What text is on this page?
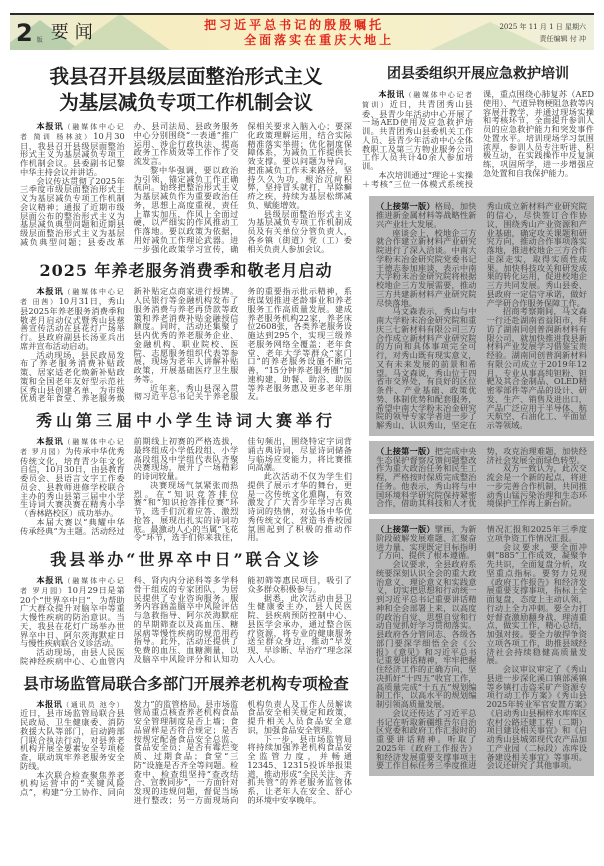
2 版 要闻	把习近平总书记的殷殷嘱托
全面落实在重庆大地上
2025 年 11 月 1 日 星期六
责任编辑 付 冲
我县召开县级层面整治形式主义
为基层减负专项工作机制会议

本报讯（融媒体中心记者 简训 杨林波）10月30日，我县召开县级层面整治形式主义为基层减负专项工作机制会议。县委副书记黎中华主持会议并讲话。

会议传达贯彻了2025年三季度市级层面整治形式主义为基层减负专项工作机制会议精神；通报了近期市级层面公布的整治形式主义为基层减负典型问题和近期县级层面整治形式主义为基层减负典型问题；县委改革办、县司法局、县政务服务中心分别围绕“一表通”推广运用、涉企行政执法、提高政务工作质效等工作作了交流发言。

黎中华强调，要以政治为引领，锚定减负工作正确航向。始终把整治形式主义为基层减负作为重要政治任务，思想上高度重视，责任上靠实加压，作风上全面过硬，以严细实的作风推动工作落地。要以政策为依据，用好减负工作理论武器。进一步强化政策学习宣传，确保相关要求入脑入心；要深化政策理解运用，结合实际精准落实举措；优化制度保障体系，为减负工作提供长效支撑。要以问题为导向，把准减负工作未来路径，坚持久久为功，根治沉疴积弊，坚持冒头就打，早除癣疥之疾，持续为基层松绑减负、赋能增效。

县级层面整治形式主义为基层减负专项工作机制成员及有关单位分管负责人，各乡镇（街道）党（工）委相关负责人参加会议。

2025 年养老服务消费季和敬老月启动

本报讯（融媒体中心记者 田茜）10月31日，秀山县2025年养老服务消费季和敬老月启动仪式暨秀山县慈善宣传活动在县花灯广场举行。县政府副县长汤亚兵出席并宣布活动启动。

活动现场，县民政局发布了养老服务消费补贴政策、居家适老化焕新补贴政策和全国老年友好型示范社区秀山县创建名单，为市级优质老年食堂、养老服务焕新补贴定点商家进行授牌。人民银行等金融机构发布了服务消费与养老再贷款等政策和养老消费补贴金融授信额度。同时，活动还集聚了县内优秀的养老服务企业、金融机构、职业院校、医院、志愿服务组织代表等参展，现场为老年人讲解补贴政策，开展基础医疗卫生服务等。

近年来，秀山县深入贯彻习近平总书记关于养老服务的重要指示批示精神，系统谋划推进老龄事业和养老服务工作高质量发展。建成养老服务机构22家，养老床位2608张，各类养老服务设施达到295个，实现三级养老服务网络全覆盖；老年食堂、老年大学等群众“家门口”的养老服务设施不断完善，“15分钟养老服务圈”加速构建，助餐、助浴、助医等养老服务惠及更多老年朋友。

秀山第三届中小学生诗词大赛举行

本报讯（融媒体中心记者 罗月园）为传承中华优秀传统文化，培育青少年文化自信，10月30日，由县教育委员会、县语言文字工作委员会、县教师进修学校联合主办的秀山县第三届中小学生诗词大赛决赛在精秀小学（香林路校区）成功举办。

本届大赛以“典耀中华 传承经典”为主题。活动经过前期线上初赛的严格选拔，最终组成小学低段组、小学高段组及中学组代表队齐聚决赛现场，展开了一场精彩的诗词较量。

决赛现场气氛紧张而热烈。在“知识竞答排位赛”和“知识抢答排位赛”环节，选手们沉着应答、激烈抢答，展现出扎实的诗词功底。最激动人心的当属“飞花令”环节，选手们你来我往，佳句频出，围绕特定字词背诵古典诗词，尽显诗词储备与临场应变能力，将比赛推向高潮。

此次活动不仅为学生们提供了展示才华的舞台，更是一次传统文化熏陶，有效激发了广大青少年学习古典诗词的热情，对弘扬中华优秀传统文化、营造书香校园氛围起到了积极的推动作用。

我县举办“世界卒中日”联合义诊

本报讯（融媒体中心记者 罗月园）10月29日是第20个“世界卒中日”，为帮助广大群众提升对脑卒中等重大慢性疾病的防治意识。当天，我县在花灯广场举办世界卒中日、阿尔茨海默症日与慢性疾病联合义诊活动。

活动现场，由县人民医院神经疾病中心、心血管内科、肾内内分泌科等多学科骨干组成的专家团队，为居民提供了专业咨询服务。服务内容涵盖脑卒中风险评估与急救指导、阿尔茨海默症的早期筛查以及高血压、糖尿病等慢性疾病的规范用药指导。此外，活动还提供了免费的血压、血糖测量，以及脑卒中风险评分和认知功能初筛等惠民项目，吸引了众多群众积极参与。

据悉，此次活动由县卫生健康委主办，县人民医院、县疾病预防控制中心、县医学会承办，通过整合医疗资源，将专业的健康服务送至群众身边，推动“早发现、早诊断、早治疗”理念深入人心。

县市场监管局联合多部门开展养老机构专项检查

本报讯（通讯员 池令）近日，县市场监管局联合县民政局、卫生健康委、消防救援大队等部门，启动跨部门联合执法行动，对县养老机构开展全要素安全专项检查，联动筑牢养老服务安全防线。

本次联合检查聚焦养老机构运营中的“关键风险点”，构建“分工协作、同向发力”的监管格局。县市场监管局重点核查养老机构食品安全管理制度是否上墙；食品留样是否符合规定；是否按规定配备食品安全总监、食品安全员；是否有霉烂变质、过期食品；食堂“三防”设施是否齐全等问题。检查中，检查组坚持“查改结合、宣教同步”，一方面针对发现的违规问题，督促当场进行整改；另一方面现场向机构负责人及工作人员解读食品安全相关规定和政策，提升相关人员食品安全意识，加强食品安全管理。

下一步，县市场监管局将持续加强养老机构食品安全监管力度，并畅通12345、12315投诉举报渠道，推动形成“全民关注、齐抓共管”的养老服务监管体系，让老年人在安全、舒心的环境中安享晚年。

团县委组织开展应急救护培训

本报讯（融媒体中心记者 简训）近日，共青团秀山县委、县青少年活动中心开展了一场AED使用及应急救护培训。共青团秀山县委机关工作人员、县青少年活动中心全体教职工及第三方物业服务公司工作人员共计40余人参加培训。

本次培训通过“理论＋实操＋考核”三位一体模式系统授课，重点围绕心肺复苏（AED使用）、气道异物梗阻急救等内容展开教学，并通过现场实操和考核环节，全面提升参训人员的应急救护能力和突发事件处置水平。培训现场学习氛围浓厚，参训人员专注听讲、积极互动，在实践操作中反复演练，巩固所学，进一步增强应急处置和自我保护能力。

（上接第一版）格局，加快推进新金属材料等战略性新兴产业壮大发展。

座谈会上，校地企三方就合作建立新材料产业研究院进行了深入洽谈。中南大学粉末冶金研究院党委书记王德志参加座谈，表示中南大学粉末冶金研究院将根据校地企三方发展需要，推动三方共建新材料产业研究院尽快落地。

马文森表示，秀山与中南大学粉末冶金研究院和重庆三七新材料有限公司三方合作成立新材料产业研究院的方向和具体事项完全可行，对秀山既有现实意义，又有未来发展的前景和希望。马文森说，秀山位于四省市交界处，有良好的区位条件、产业基础、政策优势、体制优势和配套服务，希望中南大学粉末冶金研究院的领导专家学者进一步了解秀山、认识秀山，坚定在秀山成立新材料产业研究院的信心，尽快签订合作协议，围绕秀山产业资源和产业基础，确定攻关课题和研究方向，推动合作事项落实落地，推进校地企三方合作走深走实，取得实质性成果。加快科技攻关和研发成果的转化运用，促进校地企三方共同发展。秀山县委、县政府一定信守承诺，做好产学研合作服务保障工作。

招商考察期间，马文森一行还赴湖南省益阳市，拜访了湖南同创普润新材料有限公司，就加快推进我县新材料产业发展学习借鉴宝贵经验。湖南同创普润新材料有限公司成立于2019年12月，专业从事高纯钽粉、钽靶及其合金制品、OLED精密零部件等产品的设计、研发、生产、销售及进出口，产品广泛应用于半导体、航天航空、石油化工、平面显示等领域。

（上接第一版）把完成中央生态保护督察反馈问题整改作为重大政治任务和民生工程，严格按时保质完成整治任务。他表示，秀山将与中国环境科学研究院保持紧密合作，借助其科技和人才优势，攻克治理难题，加快经济社会发展全面绿色转型。

双方一致认为，此次交流会是一个新的起点，将进一步完善合作机制，共同推动秀山锰污染治理和生态环境保护工作再上新台阶。

（上接第一版）擘画，为新阶段破解发展难题、汇聚奋进力量、实现既定目标指明了方向、提供了根本遵循。

会议要求，全县政府系统要深刻认识全会的重大政治意义、理论意义和实践意义，切实把思想和行动统一到习近平总书记重要讲话精神和全会部署上来，以高度的政治自觉、思想自觉和行动自觉抓好学习贯彻落实。县政府各分管同志、各级各部门要深学细悟全会《公报》《意见》和习近平总书记重要讲话精神，牢牢把握住经济工作的正确方向，坚决抓好“十四五”收官工作，高质量完成“十五五”规划编制工作，以高水平的规划编制引领高质量发展。

会议还传达了习近平总书记在听取新疆维吾尔自治区党委和政府工作汇报时的重要讲话精神。听取了2025年《政府工作报告》和经济发展重要支撑事项主要工作目标任务三季度推进情况汇报和2025年三季度立项争资工作情况汇报。

会议要求，要全面冲刺“885”工作成效，凝聚争先共识，全面复盘分析，攻坚重点指标。要努力兑现《政府工作报告》和经济发展重要支撑事项，指标上全面复盘，态度上主动认领，行动上全力冲刺。要全力打好督查激励翻身战，理清重点，做实工作，精心总结，加强对接。要全力敏捍争资立项各项工作，助推县域经济社会持续稳健高质量发展。

会议审议审定了《秀山县进一步深化溪口镇部溪镇等乡镇打击盗采矿产资源专项行动工作方案》《秀山县2025年转业军官安置方案》《启动秀山县桐梓水库库区农村公路还建工程（二期）项目建设相关事宜》和《启动秀山县城郊现代农产品加工产业园（二标段）冻库设备建设相关事宜》等事项。会议还研究了其他事项。
